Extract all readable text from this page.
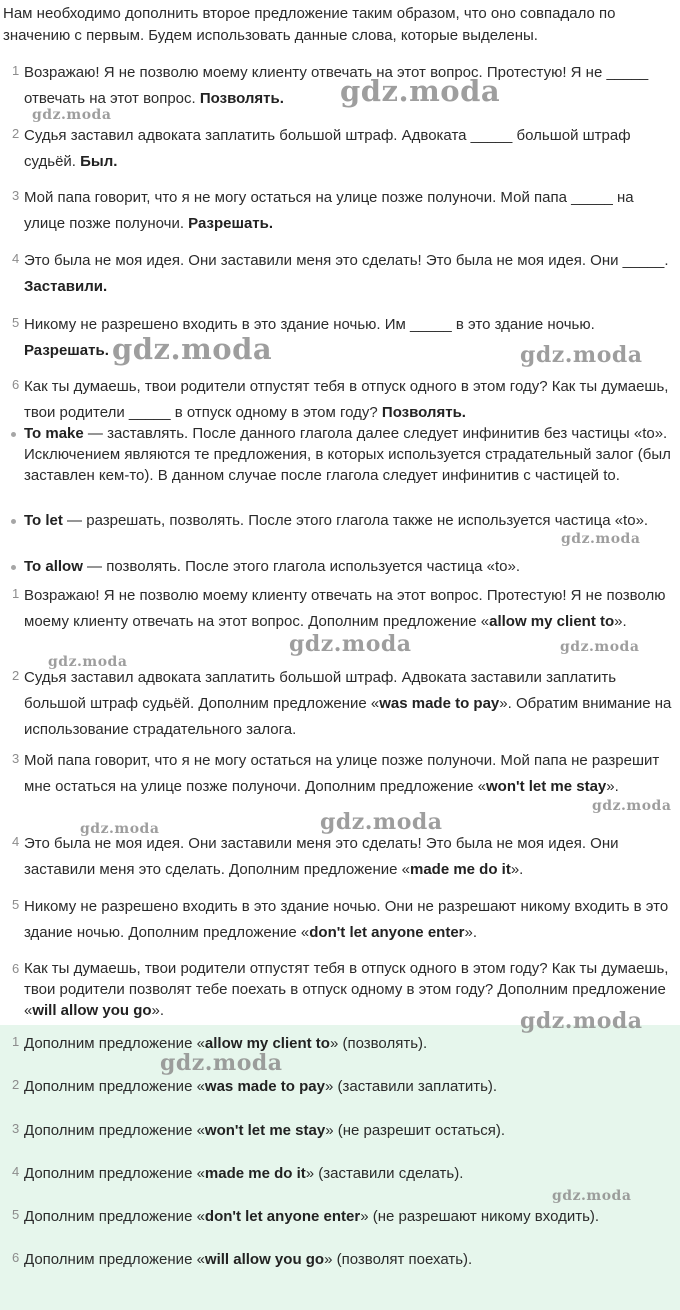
Нам необходимо дополнить второе предложение таким образом, что оно совпадало по значению с первым. Будем использовать данные слова, которые выделены.
1 Возражаю! Я не позволю моему клиенту отвечать на этот вопрос. Протестую! Я не _____ отвечать на этот вопрос. Позволять.
2 Судья заставил адвоката заплатить большой штраф. Адвоката _____ большой штраф судьёй. Был.
3 Мой папа говорит, что я не могу остаться на улице позже полуночи. Мой папа _____ на улице позже полуночи. Разрешать.
4 Это была не моя идея. Они заставили меня это сделать! Это была не моя идея. Они _____. Заставили.
5 Никому не разрешено входить в это здание ночью. Им _____ в это здание ночью. Разрешать.
6 Как ты думаешь, твои родители отпустят тебя в отпуск одного в этом году? Как ты думаешь, твои родители _____ в отпуск одному в этом году? Позволять.
To make — заставлять. После данного глагола далее следует инфинитив без частицы «to». Исключением являются те предложения, в которых используется страдательный залог (был заставлен кем-то). В данном случае после глагола следует инфинитив с частицей to.
To let — разрешать, позволять. После этого глагола также не используется частица «to».
To allow — позволять. После этого глагола используется частица «to».
1 Возражаю! Я не позволю моему клиенту отвечать на этот вопрос. Протестую! Я не позволю моему клиенту отвечать на этот вопрос. Дополним предложение «allow my client to».
2 Судья заставил адвоката заплатить большой штраф. Адвоката заставили заплатить большой штраф судьёй. Дополним предложение «was made to pay». Обратим внимание на использование страдательного залога.
3 Мой папа говорит, что я не могу остаться на улице позже полуночи. Мой папа не разрешит мне остаться на улице позже полуночи. Дополним предложение «won't let me stay».
4 Это была не моя идея. Они заставили меня это сделать! Это была не моя идея. Они заставили меня это сделать. Дополним предложение «made me do it».
5 Никому не разрешено входить в это здание ночью. Они не разрешают никому входить в это здание ночью. Дополним предложение «don't let anyone enter».
6 Как ты думаешь, твои родители отпустят тебя в отпуск одного в этом году? Как ты думаешь, твои родители позволят тебе поехать в отпуск одному в этом году? Дополним предложение «will allow you go».
1 Дополним предложение «allow my client to» (позволять).
2 Дополним предложение «was made to pay» (заставили заплатить).
3 Дополним предложение «won't let me stay» (не разрешит остаться).
4 Дополним предложение «made me do it» (заставили сделать).
5 Дополним предложение «don't let anyone enter» (не разрешают никому входить).
6 Дополним предложение «will allow you go» (позволят поехать).
gdz.moda
gdz.moda
gdz.moda	gdz.moda
gdz.moda
gdz.moda	gdz.moda
gdz.moda
gdz.moda
gdz.moda	gdz.moda
gdz.moda
gdz.moda
gdz.moda
